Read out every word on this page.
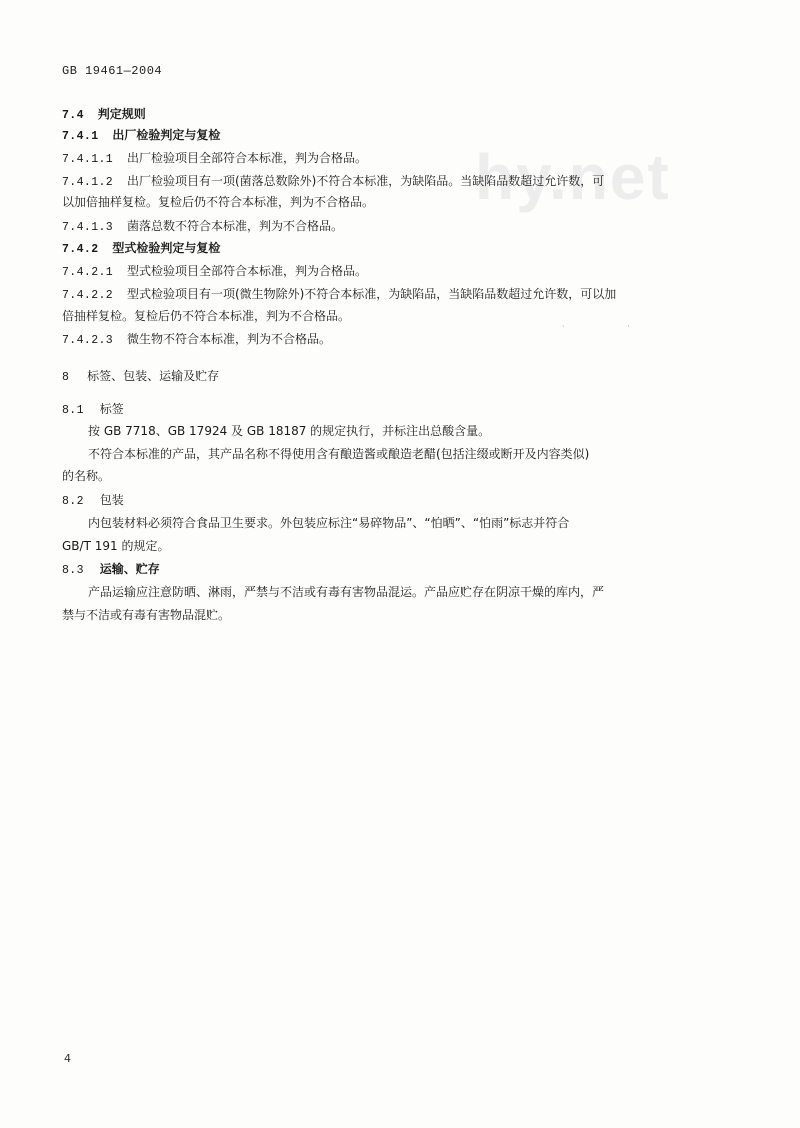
hy.net
GB 19461—2004
7.4 判定规则
7.4.1 出厂检验判定与复检
7.4.1.1 出厂检验项目全部符合本标准，判为合格品。
7.4.1.2 出厂检验项目有一项(菌落总数除外)不符合本标准，为缺陷品。当缺陷品数超过允许数，可
以加倍抽样复检。复检后仍不符合本标准，判为不合格品。
7.4.1.3 菌落总数不符合本标准，判为不合格品。
7.4.2 型式检验判定与复检
7.4.2.1 型式检验项目全部符合本标准，判为合格品。
7.4.2.2 型式检验项目有一项(微生物除外)不符合本标准，为缺陷品，当缺陷品数超过允许数，可以加
倍抽样复检。复检后仍不符合本标准，判为不合格品。
· ·
7.4.2.3 微生物不符合本标准，判为不合格品。
8 标签、包装、运输及贮存
8.1 标签
按 GB 7718、GB 17924 及 GB 18187 的规定执行，并标注出总酸含量。
不符合本标准的产品，其产品名称不得使用含有酿造酱或酿造老醋(包括注缀或断开及内容类似)
的名称。
8.2 包装
内包装材料必须符合食品卫生要求。外包装应标注“易碎物品”、“怕晒”、“怕雨”标志并符合
GB/T 191 的规定。
8.3 运输、贮存
产品运输应注意防晒、淋雨，严禁与不洁或有毒有害物品混运。产品应贮存在阴凉干燥的库内，严
禁与不洁或有毒有害物品混贮。
4
